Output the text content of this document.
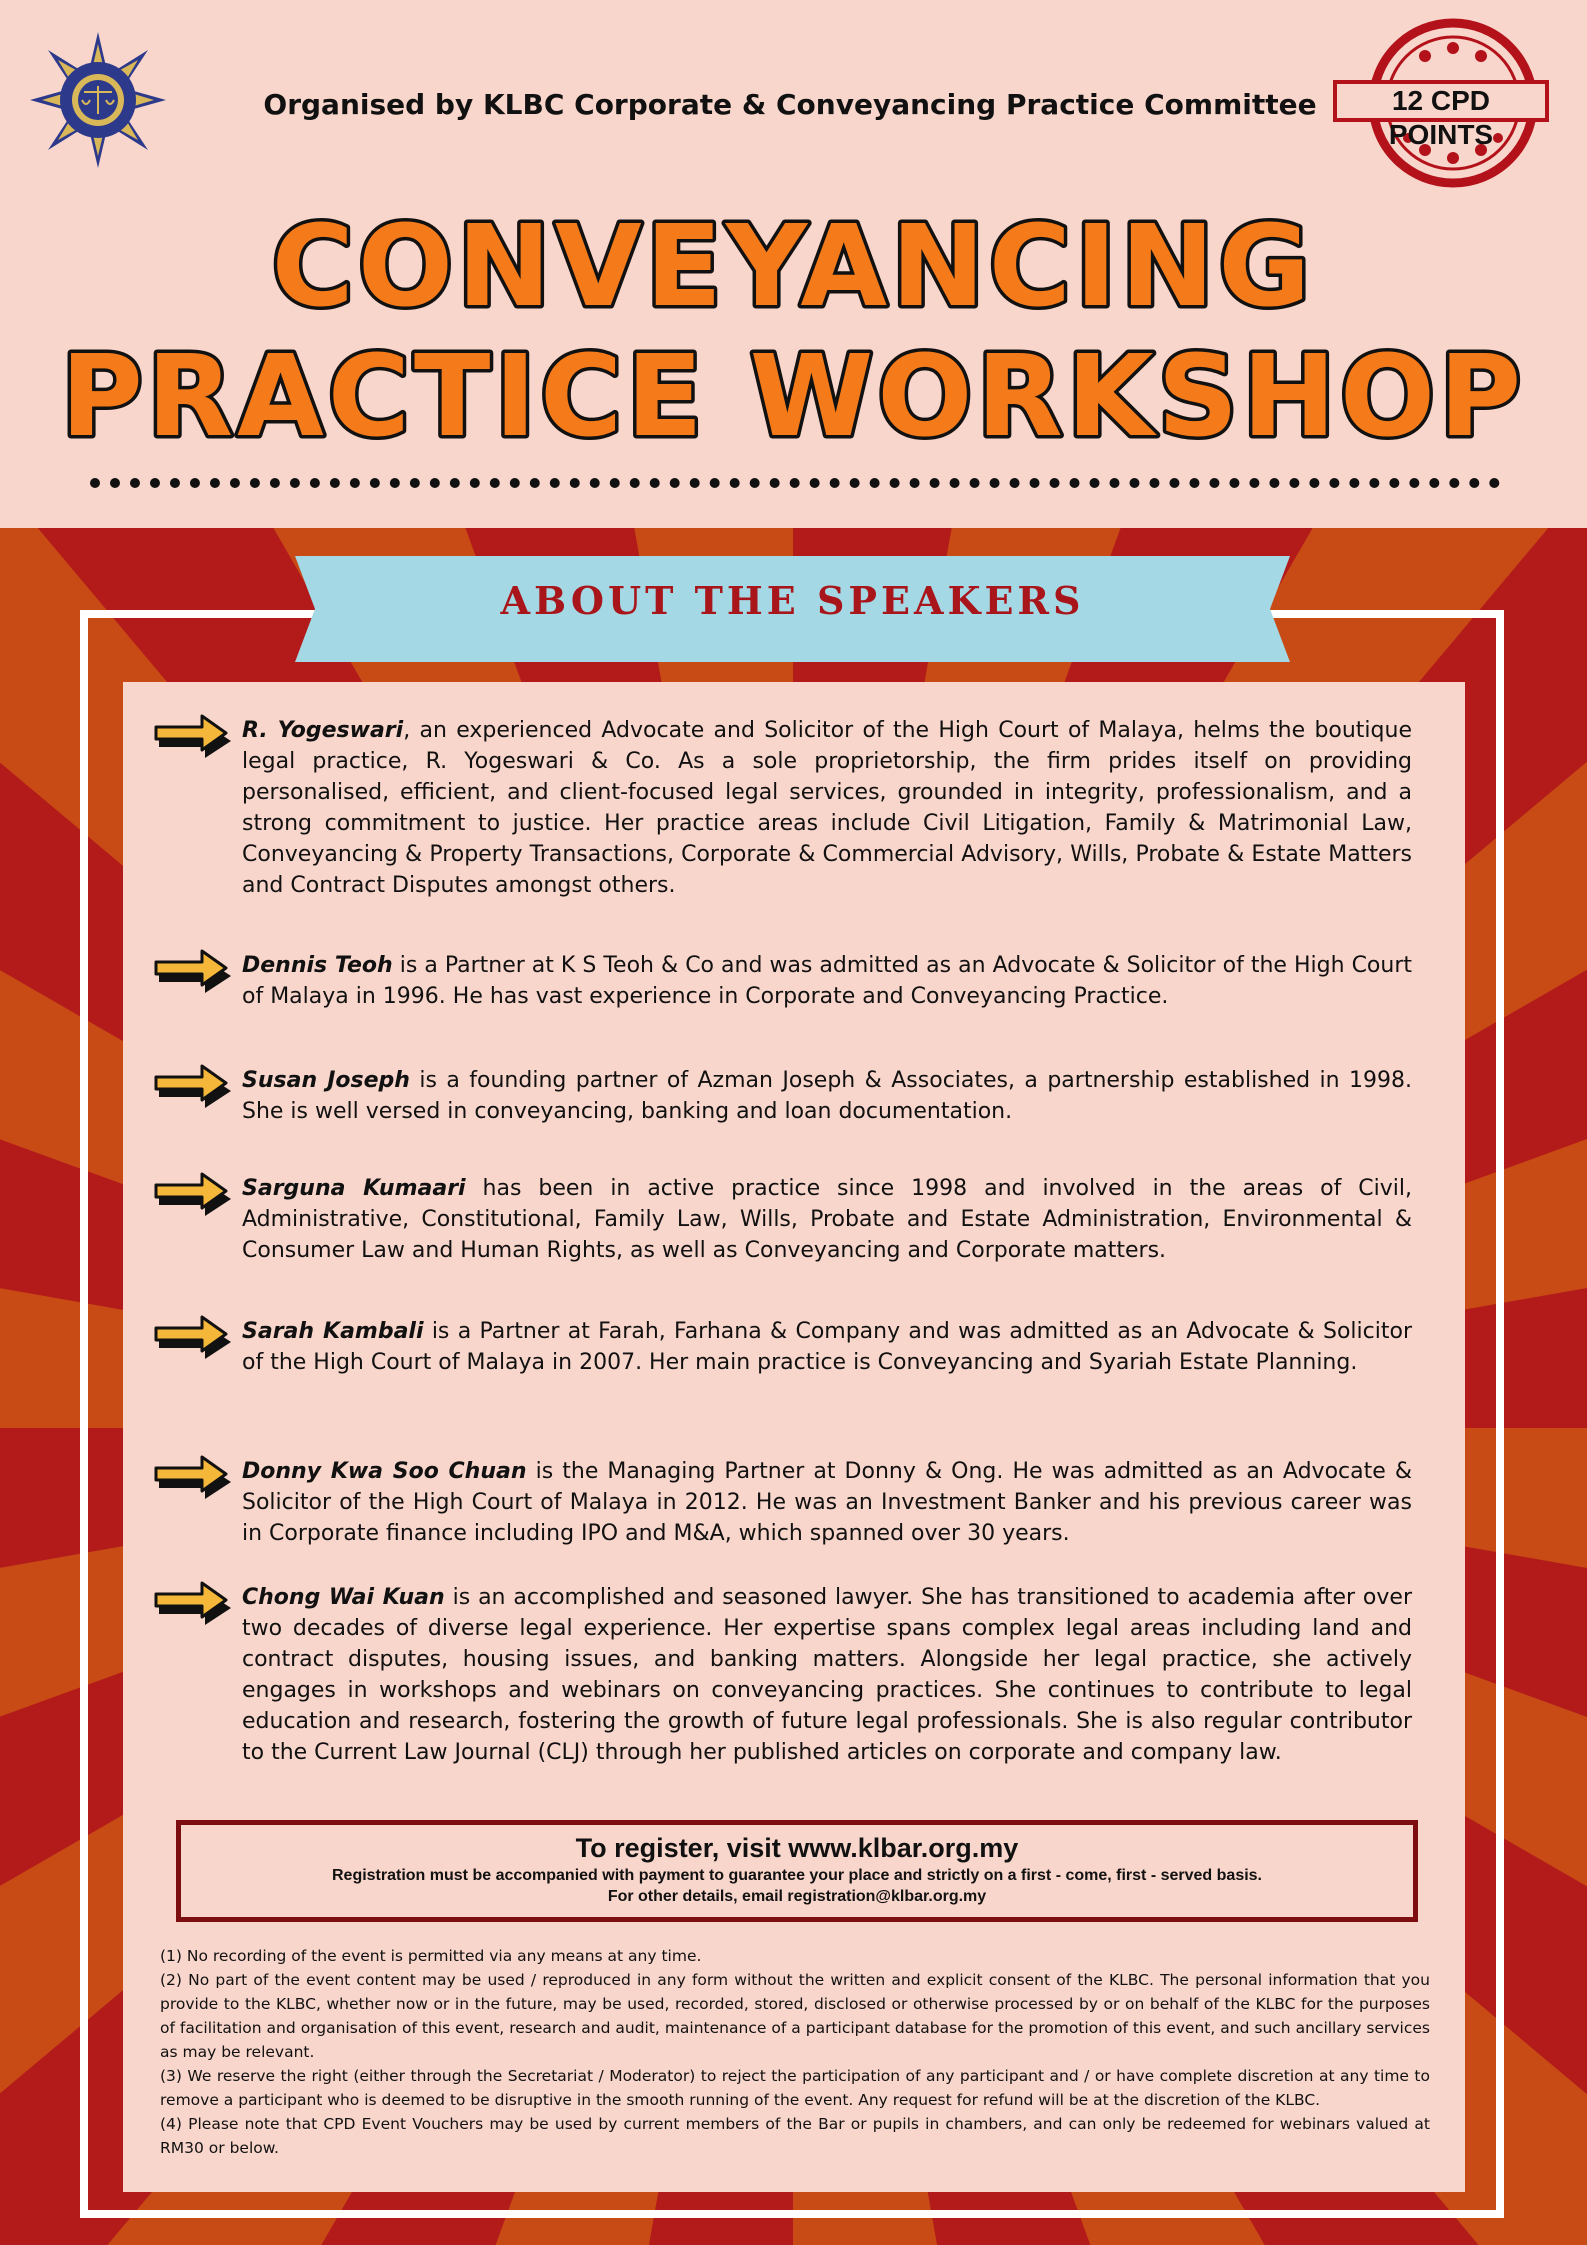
Organised by KLBC Corporate & Conveyancing Practice Committee	12 CPD POINTS
CONVEYANCING
PRACTICE WORKSHOP
ABOUT THE SPEAKERS

R. Yogeswari, an experienced Advocate and Solicitor of the High Court of Malaya, helms the boutique legal practice, R. Yogeswari & Co. As a sole proprietorship, the firm prides itself on providing personalised, efficient, and client-focused legal services, grounded in integrity, professionalism, and a strong commitment to justice. Her practice areas include Civil Litigation, Family & Matrimonial Law, Conveyancing & Property Transactions, Corporate & Commercial Advisory, Wills, Probate & Estate Matters and Contract Disputes amongst others.

Dennis Teoh is a Partner at K S Teoh & Co and was admitted as an Advocate & Solicitor of the High Court of Malaya in 1996. He has vast experience in Corporate and Conveyancing Practice.

Susan Joseph is a founding partner of Azman Joseph & Associates, a partnership established in 1998. She is well versed in conveyancing, banking and loan documentation.

Sarguna Kumaari has been in active practice since 1998 and involved in the areas of Civil, Administrative, Constitutional, Family Law, Wills, Probate and Estate Administration, Environmental & Consumer Law and Human Rights, as well as Conveyancing and Corporate matters.

Sarah Kambali is a Partner at Farah, Farhana & Company and was admitted as an Advocate & Solicitor of the High Court of Malaya in 2007. Her main practice is Conveyancing and Syariah Estate Planning.

Donny Kwa Soo Chuan is the Managing Partner at Donny & Ong. He was admitted as an Advocate & Solicitor of the High Court of Malaya in 2012. He was an Investment Banker and his previous career was in Corporate finance including IPO and M&A, which spanned over 30 years.

Chong Wai Kuan is an accomplished and seasoned lawyer. She has transitioned to academia after over two decades of diverse legal experience. Her expertise spans complex legal areas including land and contract disputes, housing issues, and banking matters. Alongside her legal practice, she actively engages in workshops and webinars on conveyancing practices. She continues to contribute to legal education and research, fostering the growth of future legal professionals. She is also regular contributor to the Current Law Journal (CLJ) through her published articles on corporate and company law.

To register, visit www.klbar.org.my
Registration must be accompanied with payment to guarantee your place and strictly on a first - come, first - served basis.
For other details, email registration@klbar.org.my

(1) No recording of the event is permitted via any means at any time.

(2) No part of the event content may be used / reproduced in any form without the written and explicit consent of the KLBC. The personal information that you provide to the KLBC, whether now or in the future, may be used, recorded, stored, disclosed or otherwise processed by or on behalf of the KLBC for the purposes of facilitation and organisation of this event, research and audit, maintenance of a participant database for the promotion of this event, and such ancillary services as may be relevant.

(3) We reserve the right (either through the Secretariat / Moderator) to reject the participation of any participant and / or have complete discretion at any time to remove a participant who is deemed to be disruptive in the smooth running of the event. Any request for refund will be at the discretion of the KLBC.

(4) Please note that CPD Event Vouchers may be used by current members of the Bar or pupils in chambers, and can only be redeemed for webinars valued at RM30 or below.
